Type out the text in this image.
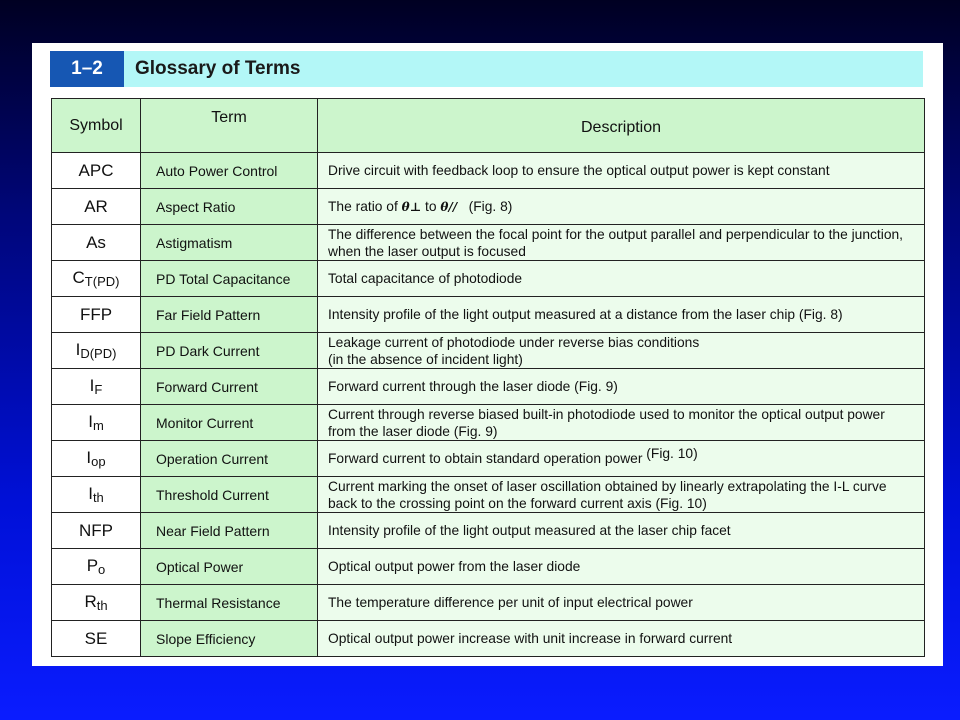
1–2	Glossary of Terms
Symbol	Term	Description
APC	Auto Power Control	Drive circuit with feedback loop to ensure the optical output power is kept constant
AR	Aspect Ratio	The ratio of θ⊥ to θ// (Fig. 8)
As	Astigmatism	The difference between the focal point for the output parallel and perpendicular to the junction, when the laser output is focused
$C_{T(PD)}$	PD Total Capacitance	Total capacitance of photodiode
FFP	Far Field Pattern	Intensity profile of the light output measured at a distance from the laser chip (Fig. 8)
$I_{D(PD)}$	PD Dark Current	Leakage current of photodiode under reverse bias conditions
(in the absence of incident light)

$I_F$	Forward Current	Forward current through the laser diode (Fig. 9)
$I_m$	Monitor Current	Current through reverse biased built-in photodiode used to monitor the optical output power from the laser diode (Fig. 9)
$I_{op}$	Operation Current	Forward current to obtain standard operation power (Fig. 10)
$I_{th}$	Threshold Current	Current marking the onset of laser oscillation obtained by linearly extrapolating the I-L curve back to the crossing point on the forward current axis (Fig. 10)
NFP	Near Field Pattern	Intensity profile of the light output measured at the laser chip facet
$P_o$	Optical Power	Optical output power from the laser diode
$R_{th}$	Thermal Resistance	The temperature difference per unit of input electrical power
SE	Slope Efficiency	Optical output power increase with unit increase in forward current
